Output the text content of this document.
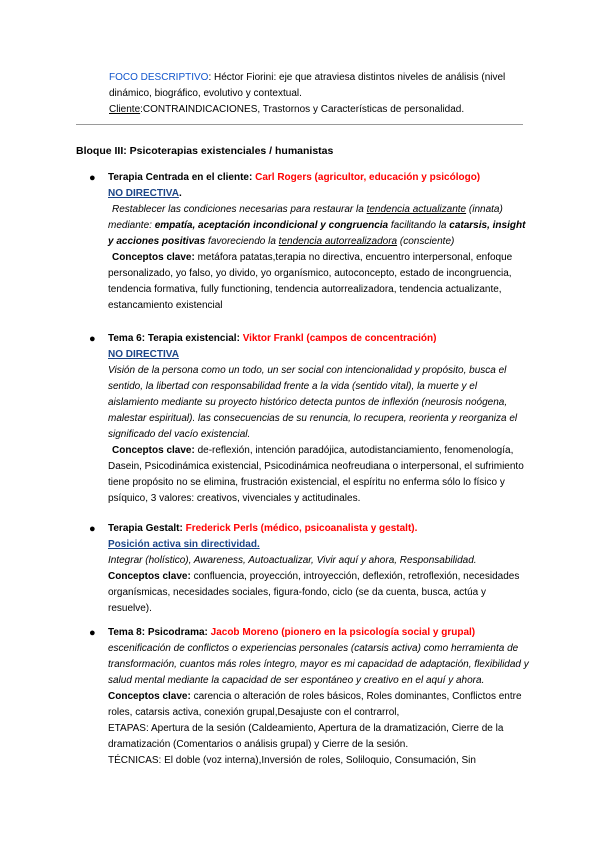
FOCO DESCRIPTIVO: Héctor Fiorini: eje que atraviesa distintos niveles de análisis (nivel dinámico, biográfico, evolutivo y contextual.

Cliente:CONTRAINDICACIONES, Trastornos y Características de personalidad.

Bloque III: Psicoterapias existenciales / humanistas
● Terapia Centrada en el cliente: Carl Rogers (agricultor, educación y psicólogo)

NO DIRECTIVA.

Restablecer las condiciones necesarias para restaurar la tendencia actualizante (innata) mediante: empatía, aceptación incondicional y congruencia facilitando la catarsis, insight y acciones positivas favoreciendo la tendencia autorrealizadora (consciente)

Conceptos clave: metáfora patatas,terapia no directiva, encuentro interpersonal, enfoque personalizado, yo falso, yo divido, yo organísmico, autoconcepto, estado de incongruencia, tendencia formativa, fully functioning, tendencia autorrealizadora, tendencia actualizante, estancamiento existencial

● Tema 6: Terapia existencial: Viktor Frankl (campos de concentración)

NO DIRECTIVA

Visión de la persona como un todo, un ser social con intencionalidad y propósito, busca el sentido, la libertad con responsabilidad frente a la vida (sentido vital), la muerte y el aislamiento mediante su proyecto histórico detecta puntos de inflexión (neurosis noógena, malestar espiritual). las consecuencias de su renuncia, lo recupera, reorienta y reorganiza el significado del vacío existencial.

Conceptos clave: de-reflexión, intención paradójica, autodistanciamiento, fenomenología, Dasein, Psicodinámica existencial, Psicodinámica neofreudiana o interpersonal, el sufrimiento tiene propósito no se elimina, frustración existencial, el espíritu no enferma sólo lo físico y psíquico, 3 valores: creativos, vivenciales y actitudinales.

● Terapia Gestalt: Frederick Perls (médico, psicoanalista y gestalt).

Posición activa sin directividad.

Integrar (holístico), Awareness, Autoactualizar, Vivir aquí y ahora, Responsabilidad.

Conceptos clave: confluencia, proyección, introyección, deflexión, retroflexión, necesidades organísmicas, necesidades sociales, figura-fondo, ciclo (se da cuenta, busca, actúa y resuelve).

● Tema 8: Psicodrama: Jacob Moreno (pionero en la psicología social y grupal)

escenificación de conflictos o experiencias personales (catarsis activa) como herramienta de transformación, cuantos más roles íntegro, mayor es mi capacidad de adaptación, flexibilidad y salud mental mediante la capacidad de ser espontáneo y creativo en el aquí y ahora.

Conceptos clave: carencia o alteración de roles básicos, Roles dominantes, Conflictos entre roles, catarsis activa, conexión grupal,Desajuste con el contrarrol,

ETAPAS: Apertura de la sesión (Caldeamiento, Apertura de la dramatización, Cierre de la dramatización (Comentarios o análisis grupal) y Cierre de la sesión.

TÉCNICAS: El doble (voz interna),Inversión de roles, Soliloquio, Consumación, Sin
